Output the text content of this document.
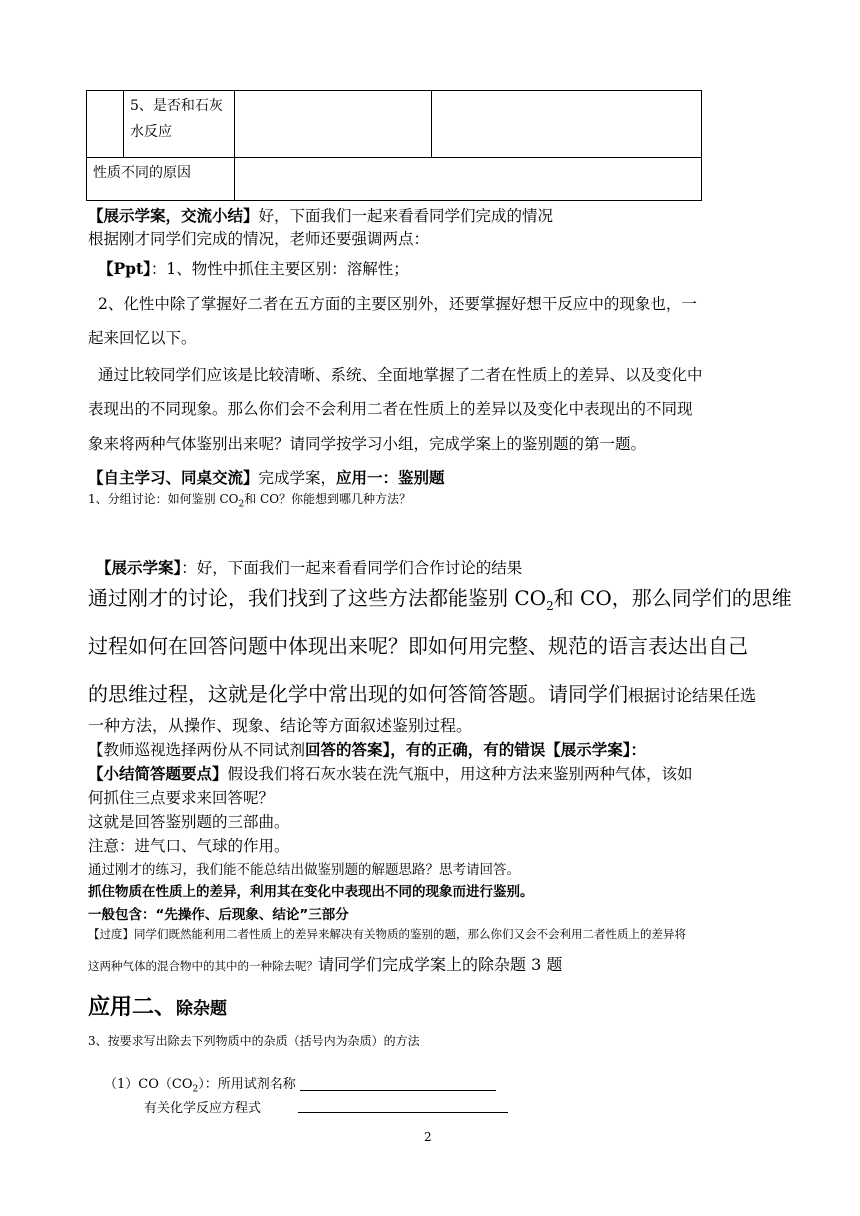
	5、是否和石灰水反应		
性质不同的原因			
【展示学案，交流小结】好，下面我们一起来看看同学们完成的情况
根据刚才同学们完成的情况，老师还要强调两点：
【Ppt】：1、物性中抓住主要区别：溶解性；
2、化性中除了掌握好二者在五方面的主要区别外，还要掌握好想干反应中的现象也，一
起来回忆以下。
通过比较同学们应该是比较清晰、系统、全面地掌握了二者在性质上的差异、以及变化中
表现出的不同现象。那么你们会不会利用二者在性质上的差异以及变化中表现出的不同现
象来将两种气体鉴别出来呢？请同学按学习小组，完成学案上的鉴别题的第一题。
【自主学习、同桌交流】完成学案，应用一：鉴别题
1、分组讨论：如何鉴别 $CO_2$和 CO？你能想到哪几种方法？
【展示学案】：好，下面我们一起来看看同学们合作讨论的结果
通过刚才的讨论，我们找到了这些方法都能鉴别 $CO_2$和 CO，那么同学们的思维
过程如何在回答问题中体现出来呢？即如何用完整、规范的语言表达出自己
的思维过程，这就是化学中常出现的如何答简答题。请同学们根据讨论结果任选
一种方法，从操作、现象、结论等方面叙述鉴别过程。
【教师巡视选择两份从不同试剂回答的答案】，有的正确，有的错误【展示学案】：
【小结简答题要点】假设我们将石灰水装在洗气瓶中，用这种方法来鉴别两种气体，该如
何抓住三点要求来回答呢？
这就是回答鉴别题的三部曲。
注意：进气口、气球的作用。
通过刚才的练习，我们能不能总结出做鉴别题的解题思路？思考请回答。
抓住物质在性质上的差异，利用其在变化中表现出不同的现象而进行鉴别。
一般包含：“先操作、后现象、结论”三部分
【过度】同学们既然能利用二者性质上的差异来解决有关物质的鉴别的题，那么你们又会不会利用二者性质上的差异将
这两种气体的混合物中的其中的一种除去呢？请同学们完成学案上的除杂题 3 题
应用二、除杂题
3、按要求写出除去下列物质中的杂质（括号内为杂质）的方法
$(1)CO(CO_2)$：所用试剂名称
有关化学反应方程式
2
